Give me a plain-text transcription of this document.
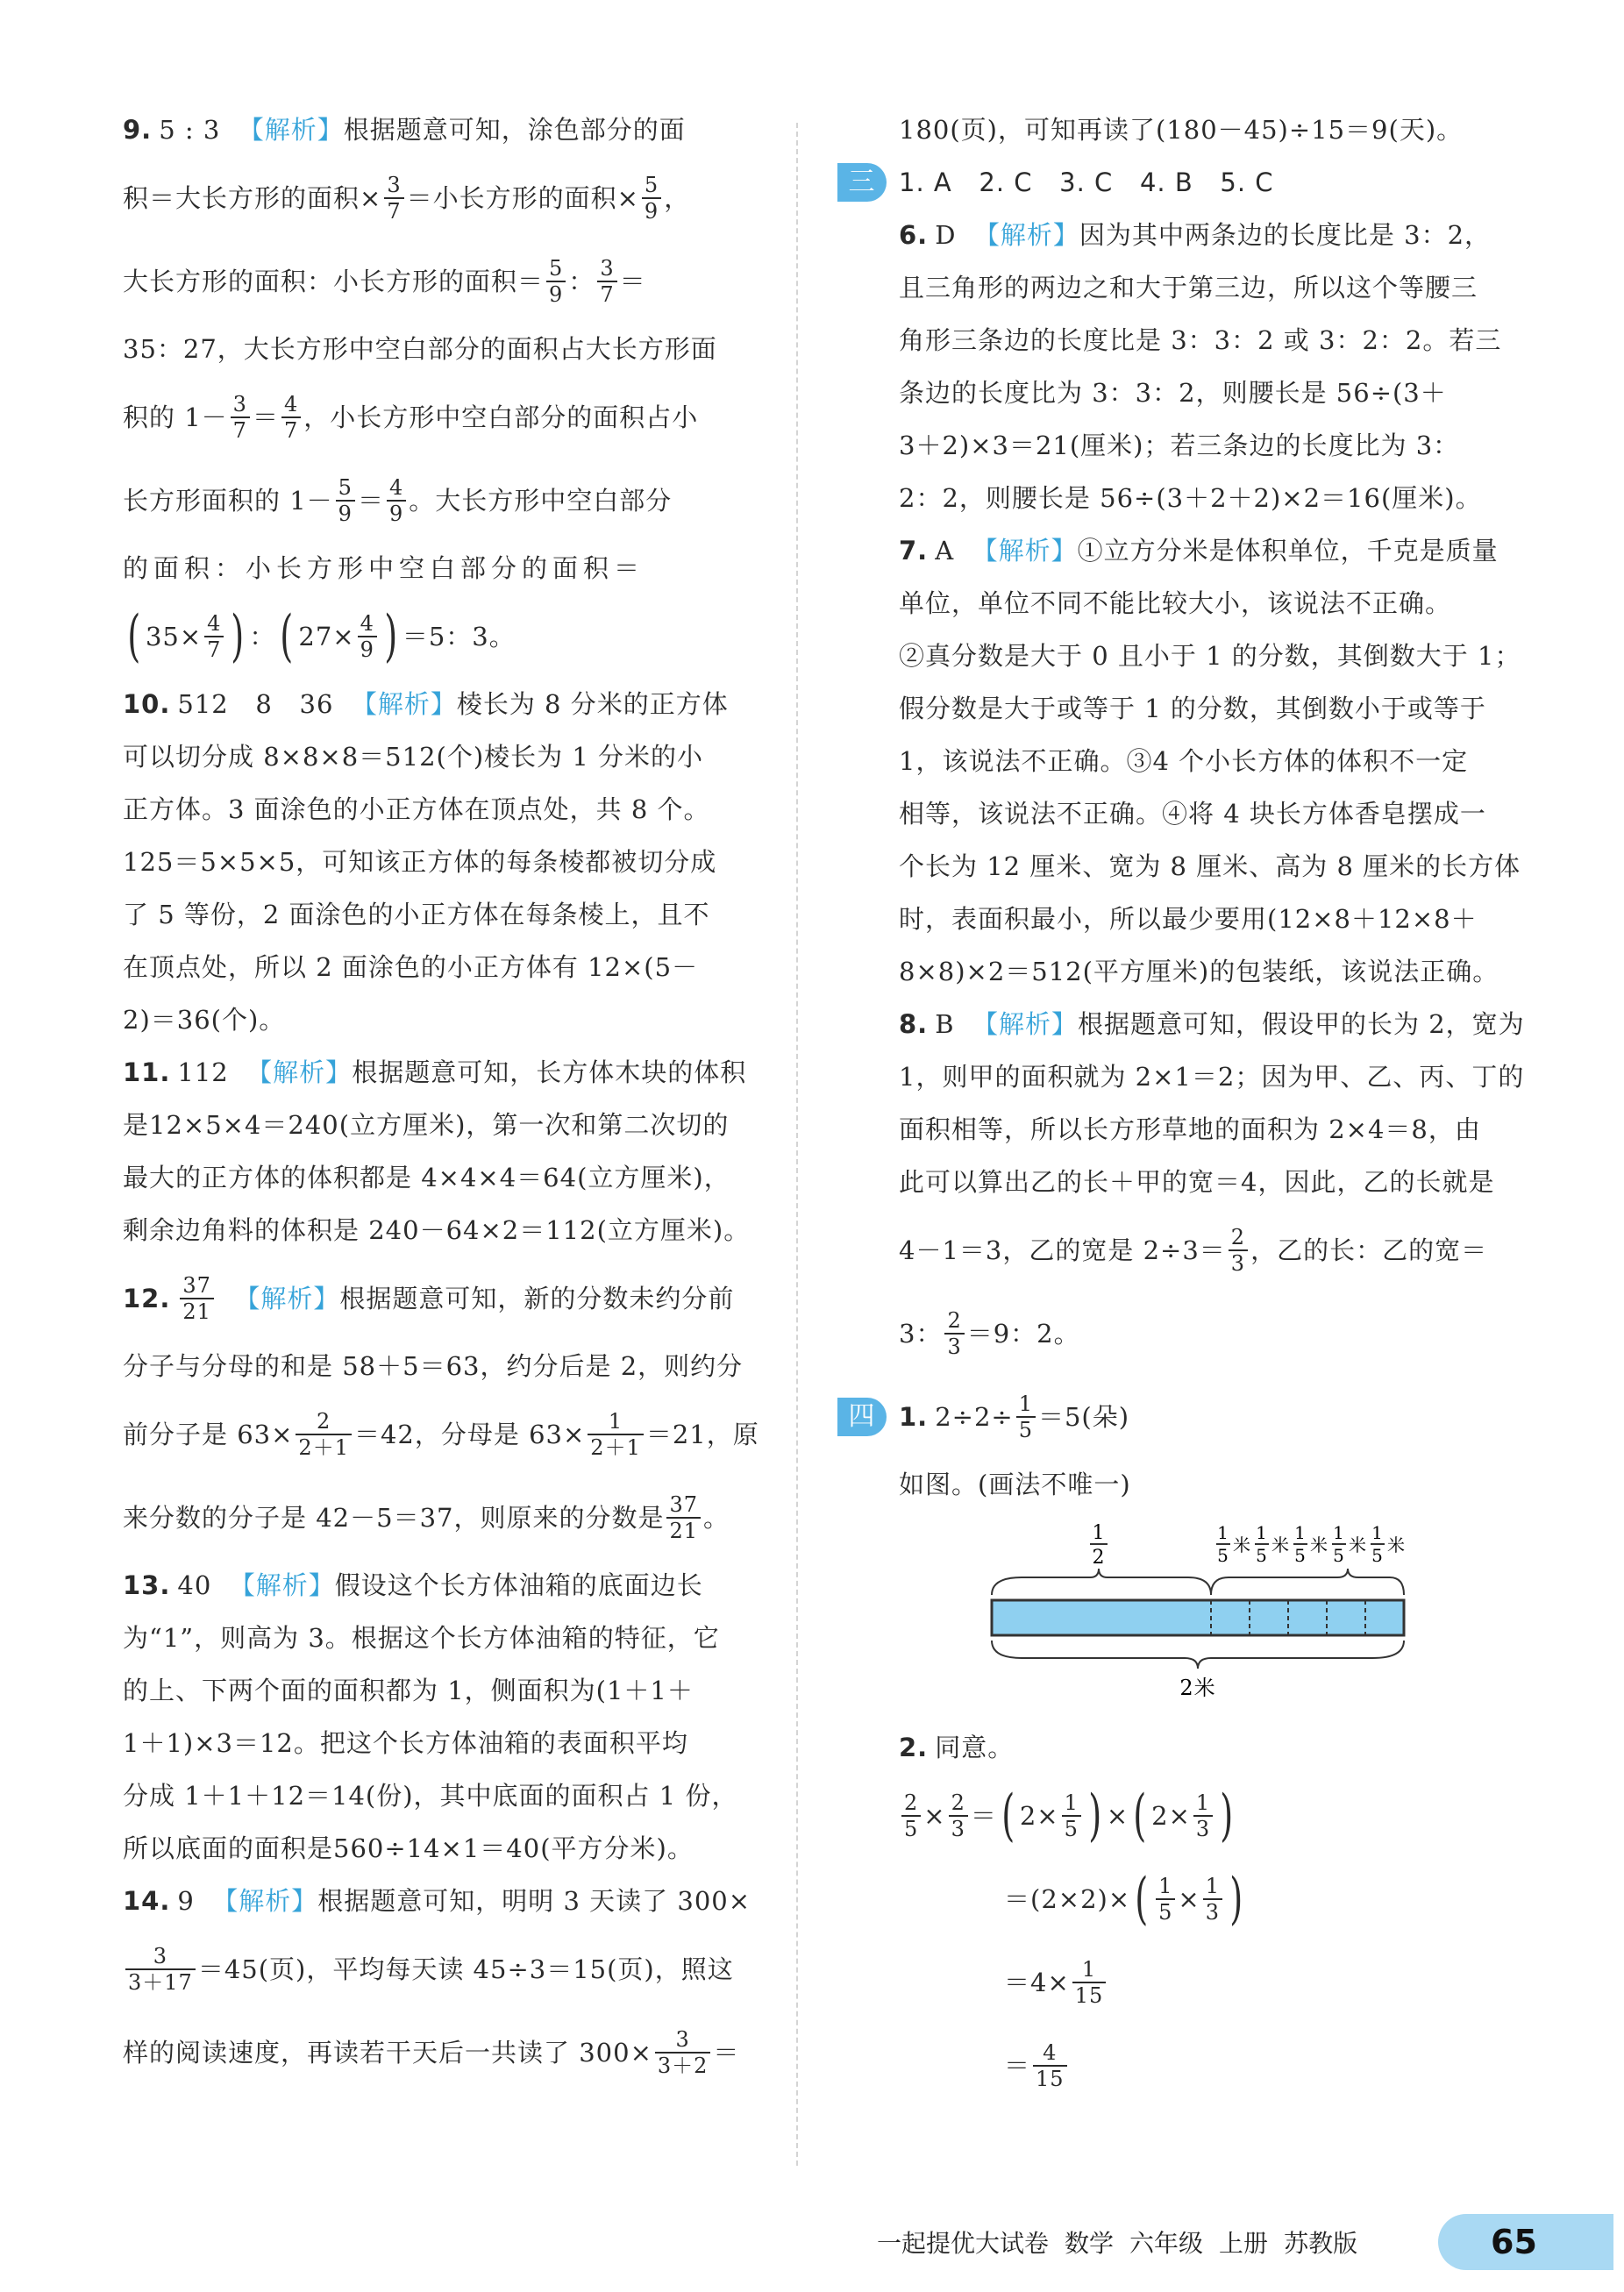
9. 5 : 3
【解析】 根据题意可知，涂色部分的面
积＝大长方形的面积× $\frac{3}{7}$ ＝小长方形的面积× $\frac{5}{9}$ ，
大长方形的面积：小长方形的面积＝ $\frac{5}{9}$ ： $\frac{3}{7}$ ＝
35：27，大长方形中空白部分的面积占大长方形面
积的 $1- \frac{3}{7} = \frac{4}{7}$ ，小长方形中空白部分的面积占小
长方形面积的 $1- \frac{5}{9} = \frac{4}{9}$ 。大长方形中空白部分
的面积：小长方形中空白部分的面积＝
( $35\times \frac{4}{7}$ ) ： ( $27\times \frac{4}{9}$ ) ＝5：3。
10. 512   8   36
【解析】 棱长为 8 分米的正方体
可以切分成 8×8×8＝512(个)棱长为 1 分米的小
正方体。3 面涂色的小正方体在顶点处，共 8 个。
125＝5×5×5，可知该正方体的每条棱都被切分成
了 5 等份，2 面涂色的小正方体在每条棱上，且不
在顶点处，所以 2 面涂色的小正方体有 12×(5－
2)＝36(个)。
11. 112
【解析】 根据题意可知，长方体木块的体积
是12×5×4＝240(立方厘米)，第一次和第二次切的
最大的正方体的体积都是 4×4×4＝64(立方厘米)，
剩余边角料的体积是 240－64×2＝112(立方厘米)。
12. $\frac{37}{21}$
【解析】 根据题意可知，新的分数未约分前
分子与分母的和是 58＋5＝63，约分后是 2，则约分
前分子是 $63\times \frac{2}{2+1} =42$，分母是 $63\times \frac{1}{2+1} =21$，原
来分数的分子是 42－5＝37，则原来的分数是 $\frac{37}{21}$ 。
13. 40
【解析】 假设这个长方体油箱的底面边长
为“1”，则高为 3。根据这个长方体油箱的特征，它
的上、下两个面的面积都为 1，侧面积为(1＋1＋
1＋1)×3＝12。把这个长方体油箱的表面积平均
分成 1＋1＋12＝14(份)，其中底面的面积占 1 份，
所以底面的面积是560÷14×1＝40(平方分米)。
14. 9
【解析】 根据题意可知，明明 3 天读了 300×
$\frac{3}{3+17} =45$(页)，平均每天读 45÷3＝15(页)，照这
样的阅读速度，再读若干天后一共读了 $300\times \frac{3}{3+2}$ ＝
180(页)，可知再读了(180－45)÷15＝9(天)。
三 1. A   2. C   3. C   4. B   5. C
6. D
【解析】 因为其中两条边的长度比是 3：2，
且三角形的两边之和大于第三边，所以这个等腰三
角形三条边的长度比是 3：3：2 或 3：2：2。若三
条边的长度比为 3：3：2，则腰长是 56÷(3＋
3＋2)×3＝21(厘米)；若三条边的长度比为 3：
2：2，则腰长是 56÷(3＋2＋2)×2＝16(厘米)。
7. A
【解析】 ①立方分米是体积单位，千克是质量
单位，单位不同不能比较大小，该说法不正确。
②真分数是大于 0 且小于 1 的分数，其倒数大于 1；
假分数是大于或等于 1 的分数，其倒数小于或等于
1，该说法不正确。③4 个小长方体的体积不一定
相等，该说法不正确。④将 4 块长方体香皂摆成一
个长为 12 厘米、宽为 8 厘米、高为 8 厘米的长方体
时，表面积最小，所以最少要用(12×8＋12×8＋
8×8)×2＝512(平方厘米)的包装纸，该说法正确。
8. B
【解析】 根据题意可知，假设甲的长为 2，宽为
1，则甲的面积就为 2×1＝2；因为甲、乙、丙、丁的
面积相等，所以长方形草地的面积为 2×4＝8，由
此可以算出乙的长＋甲的宽＝4，因此，乙的长就是
4－1＝3，乙的宽是 $2\div 3= \frac{2}{3}$ ，乙的长：乙的宽＝
3： $\frac{2}{3} =9$：2。
四 1. $2\div 2\div \frac{1}{5} =5$(朵)
如图。(画法不唯一)
1
2
1
5 米
1
5 米
1
5 米
1
5 米
1
5 米
2米
2. 同意。
$\frac{2}{5} \times \frac{2}{3}$ ＝ ( $2\times \frac{1}{5}$ ) × ( $2\times \frac{1}{3}$ )
＝(2×2)× ( $\frac{1}{5} \times \frac{1}{3}$ )
$=4\times \frac{1}{15}$
＝ $\frac{4}{15}$
一起提优大试卷 数学 六年级 上册 苏教版	65
